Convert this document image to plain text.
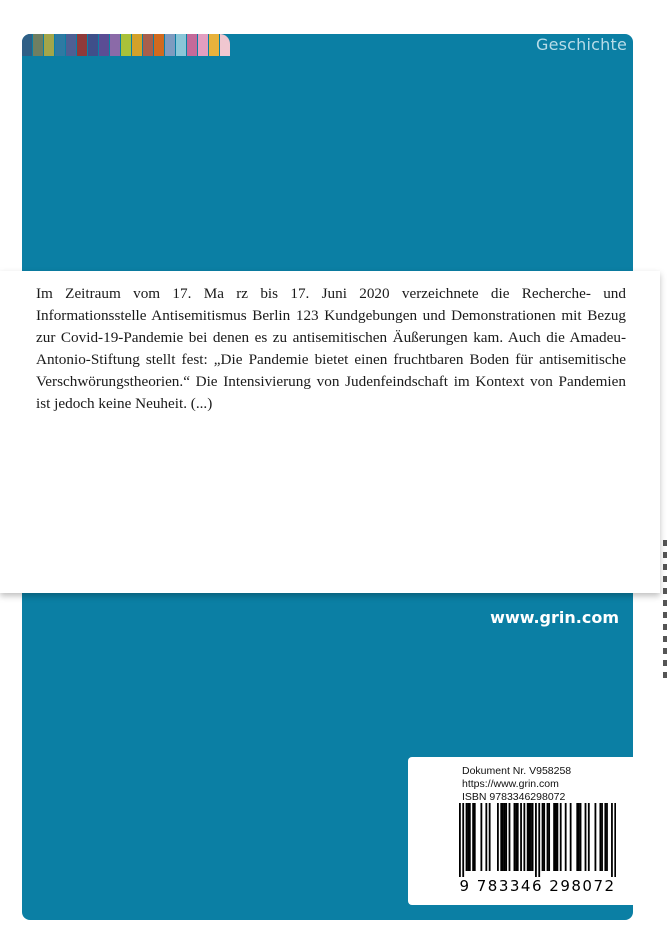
Geschichte

Im Zeitraum vom 17. Ma rz bis 17. Juni 2020 verzeichnete die Recherche- und Informationsstelle Antisemitismus Berlin 123 Kundgebungen und Demonstrationen mit Bezug zur Covid-19-Pandemie bei denen es zu antisemitischen Äußerungen kam. Auch die Amadeu-Antonio-Stiftung stellt fest: „Die Pandemie bietet einen fruchtbaren Boden für antisemitische Verschwörungstheorien.“ Die Intensivierung von Judenfeindschaft im Kontext von Pandemien ist jedoch keine Neuheit. (...)

www.grin.com
Dokument Nr. V958258
https://www.grin.com
ISBN 9783346298072
9 783346 298072
